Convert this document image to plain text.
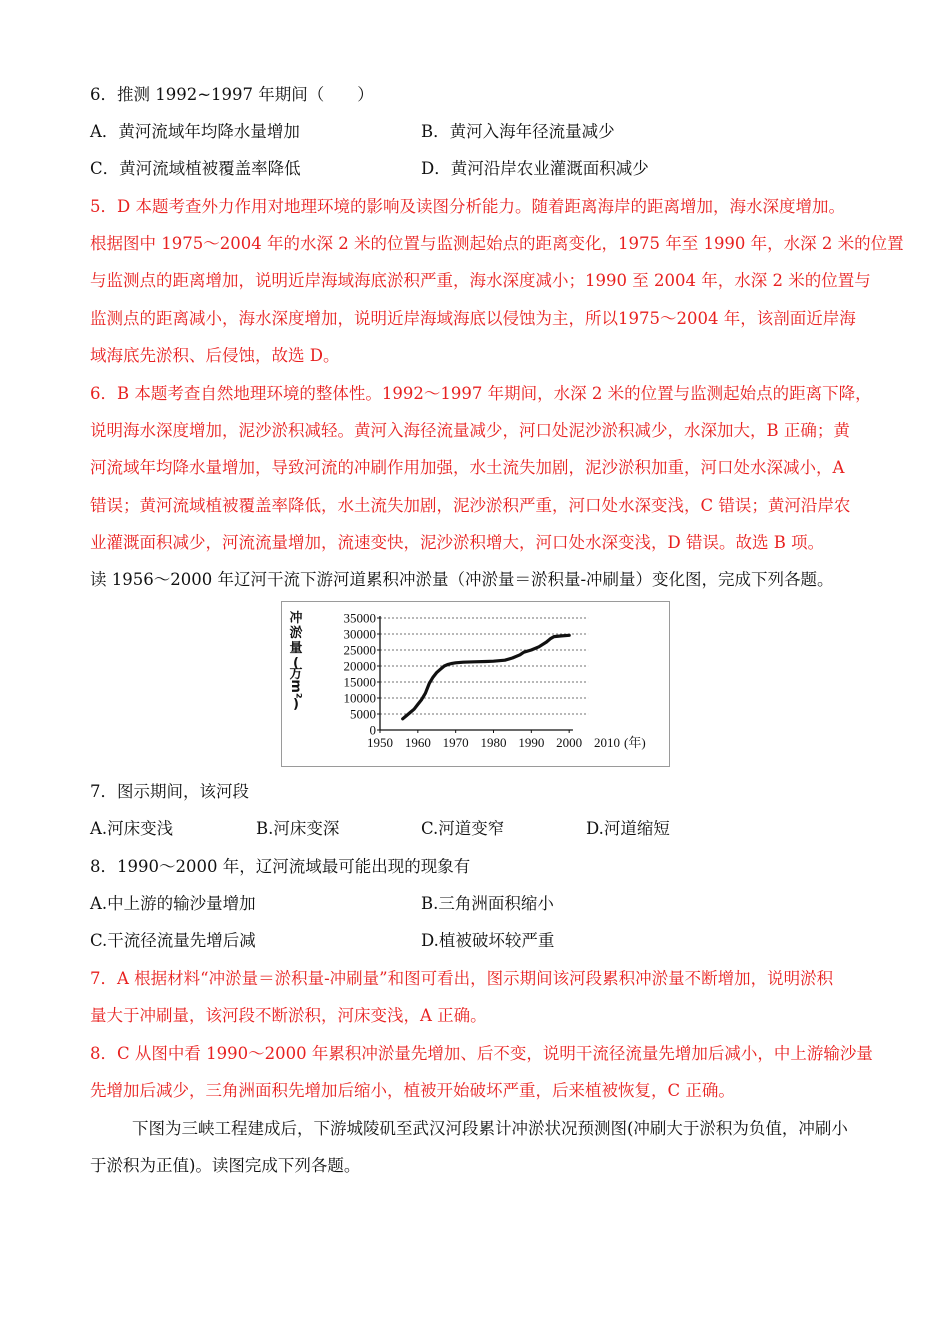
6．推测 1992~1997 年期间（　　）
A．黄河流域年均降水量增加	B．黄河入海年径流量减少
C．黄河流域植被覆盖率降低	D．黄河沿岸农业灌溉面积减少
5．D 本题考查外力作用对地理环境的影响及读图分析能力。随着距离海岸的距离增加，海水深度增加。
根据图中 1975～2004 年的水深 2 米的位置与监测起始点的距离变化，1975 年至 1990 年，水深 2 米的位置
与监测点的距离增加，说明近岸海域海底淤积严重，海水深度减小；1990 至 2004 年，水深 2 米的位置与
监测点的距离减小，海水深度增加，说明近岸海域海底以侵蚀为主，所以1975～2004 年，该剖面近岸海
域海底先淤积、后侵蚀，故选 D。
6．B 本题考查自然地理环境的整体性。1992～1997 年期间，水深 2 米的位置与监测起始点的距离下降，
说明海水深度增加，泥沙淤积减轻。黄河入海径流量减少，河口处泥沙淤积减少，水深加大，B 正确；黄
河流域年均降水量增加，导致河流的冲刷作用加强，水土流失加剧，泥沙淤积加重，河口处水深减小，A
错误；黄河流域植被覆盖率降低，水土流失加剧，泥沙淤积严重，河口处水深变浅，C 错误；黄河沿岸农
业灌溉面积减少，河流流量增加，流速变快，泥沙淤积增大，河口处水深变浅，D 错误。故选 B 项。
读 1956～2000 年辽河干流下游河道累积冲淤量（冲淤量＝淤积量-冲刷量）变化图，完成下列各题。
35000
30000
25000
20000
15000
10000
5000
0
1950 1960 1970 1980 1990 2000 2010 (年)
冲
淤
量
(
万
m²
)
7．图示期间，该河段
A.河床变浅	B.河床变深	C.河道变窄	D.河道缩短
8．1990～2000 年，辽河流域最可能出现的现象有
A.中上游的输沙量增加	B.三角洲面积缩小
C.干流径流量先增后减	D.植被破坏较严重
7．A 根据材料“冲淤量＝淤积量-冲刷量”和图可看出，图示期间该河段累积冲淤量不断增加，说明淤积
量大于冲刷量，该河段不断淤积，河床变浅，A 正确。
8．C 从图中看 1990～2000 年累积冲淤量先增加、后不变，说明干流径流量先增加后减小，中上游输沙量
先增加后减少，三角洲面积先增加后缩小，植被开始破坏严重，后来植被恢复，C 正确。
下图为三峡工程建成后，下游城陵矶至武汉河段累计冲淤状况预测图(冲刷大于淤积为负值，冲刷小
于淤积为正值)。读图完成下列各题。
